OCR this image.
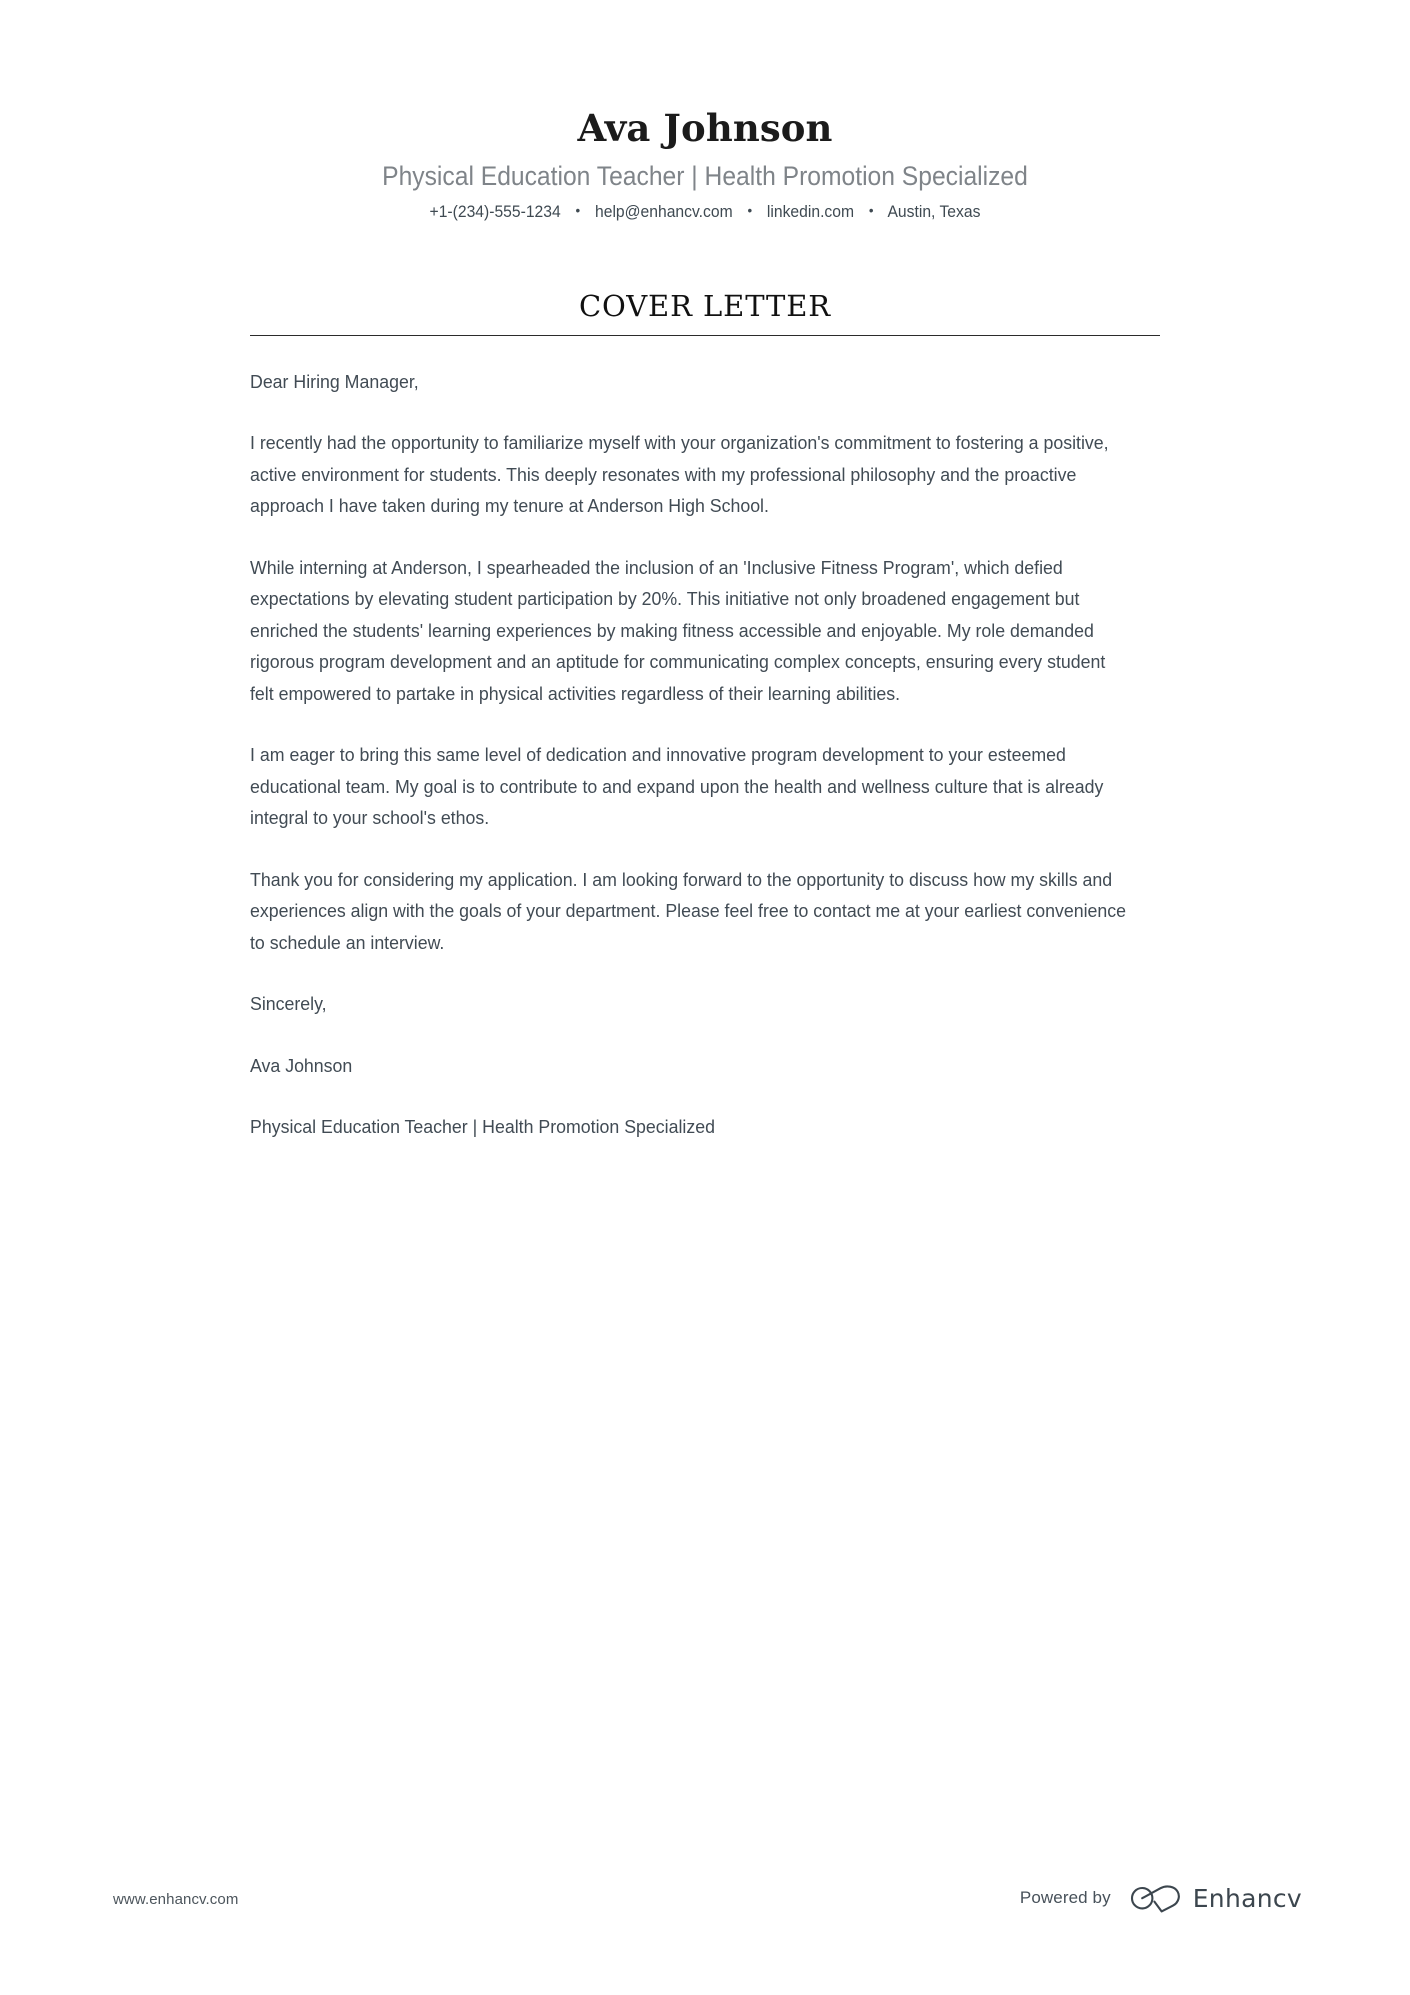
Ava Johnson
Physical Education Teacher | Health Promotion Specialized
+1-(234)-555-1234 • help@enhancv.com • linkedin.com • Austin, Texas
COVER LETTER

Dear Hiring Manager,

I recently had the opportunity to familiarize myself with your organization's commitment to fostering a positive, active environment for students. This deeply resonates with my professional philosophy and the proactive approach I have taken during my tenure at Anderson High School.

While interning at Anderson, I spearheaded the inclusion of an 'Inclusive Fitness Program', which defied expectations by elevating student participation by 20%. This initiative not only broadened engagement but enriched the students' learning experiences by making fitness accessible and enjoyable. My role demanded rigorous program development and an aptitude for communicating complex concepts, ensuring every student felt empowered to partake in physical activities regardless of their learning abilities.

I am eager to bring this same level of dedication and innovative program development to your esteemed educational team. My goal is to contribute to and expand upon the health and wellness culture that is already integral to your school's ethos.

Thank you for considering my application. I am looking forward to the opportunity to discuss how my skills and experiences align with the goals of your department. Please feel free to contact me at your earliest convenience to schedule an interview.

Sincerely,

Ava Johnson

Physical Education Teacher | Health Promotion Specialized

www.enhancv.com	Powered by	Enhancv
